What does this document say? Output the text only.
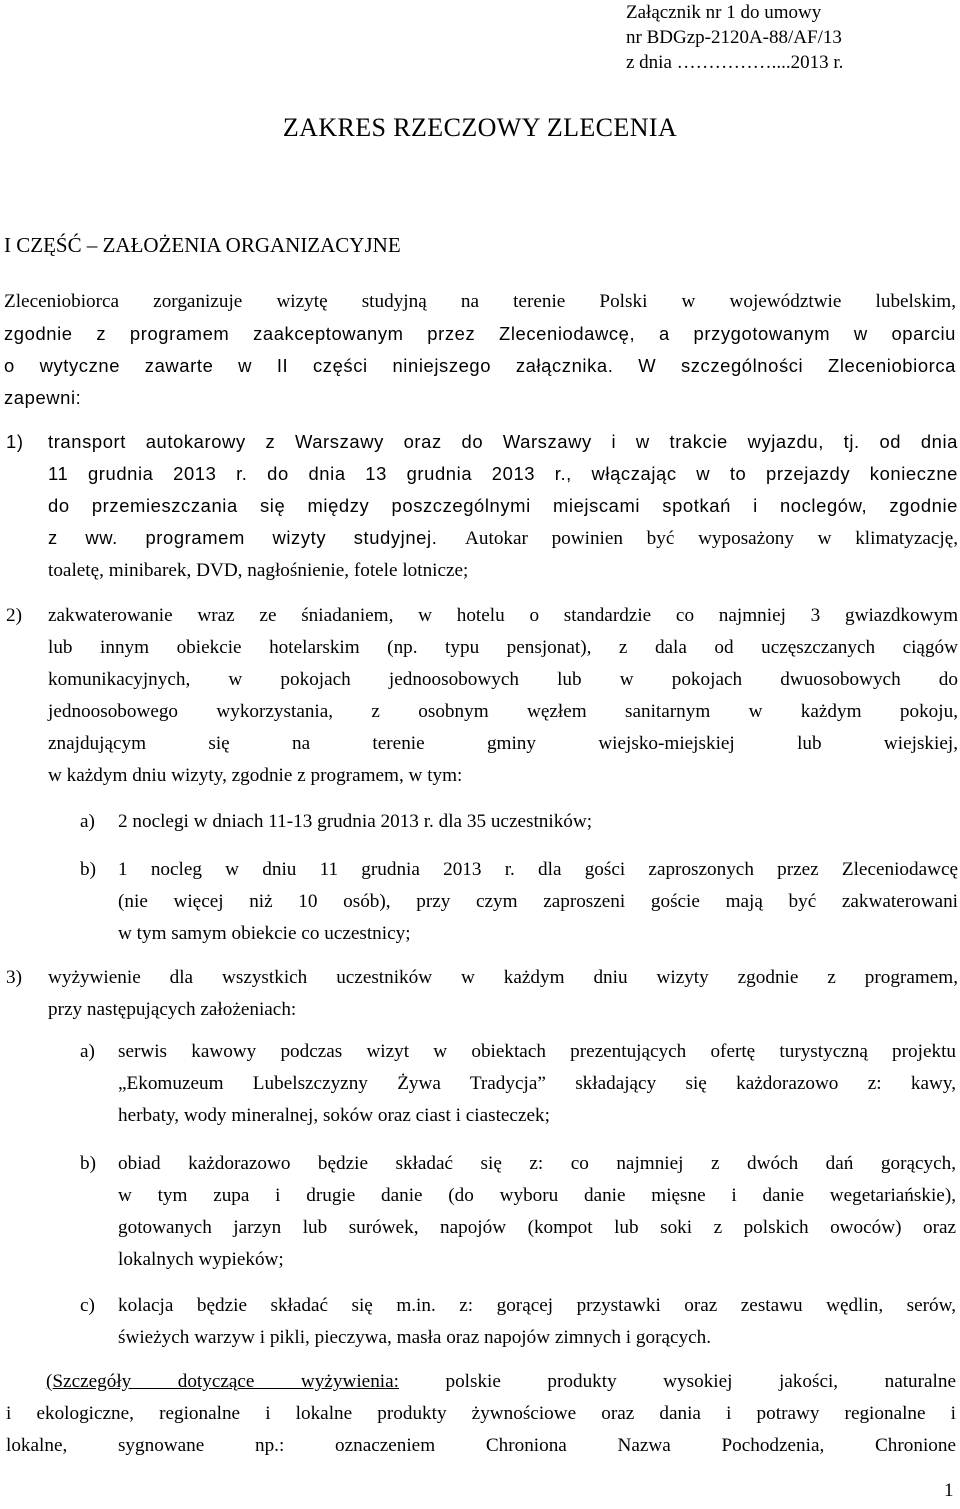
Załącznik nr 1 do umowy
nr BDGzp-2120A-88/AF/13
z dnia ……………....2013 r.
ZAKRES RZECZOWY ZLECENIA
I CZĘŚĆ – ZAŁOŻENIA ORGANIZACYJNE
Zleceniobiorca zorganizuje wizytę studyjną na terenie Polski w województwie lubelskim,
zgodnie z programem zaakceptowanym przez Zleceniodawcę, a przygotowanym w oparciu
o wytyczne zawarte w II części niniejszego załącznika. W szczególności Zleceniobiorca
zapewni:
1) transport autokarowy z Warszawy oraz do Warszawy i w trakcie wyjazdu, tj. od dnia
11 grudnia 2013 r. do dnia 13 grudnia 2013 r., włączając w to przejazdy konieczne
do przemieszczania się między poszczególnymi miejscami spotkań i noclegów, zgodnie
z ww. programem wizyty studyjnej. Autokar powinien być wyposażony w klimatyzację,
toaletę, minibarek, DVD, nagłośnienie, fotele lotnicze;
2) zakwaterowanie wraz ze śniadaniem, w hotelu o standardzie co najmniej 3 gwiazdkowym
lub innym obiekcie hotelarskim (np. typu pensjonat), z dala od uczęszczanych ciągów
komunikacyjnych, w pokojach jednoosobowych lub w pokojach dwuosobowych do
jednoosobowego wykorzystania, z osobnym węzłem sanitarnym w każdym pokoju,
znajdującym się na terenie gminy wiejsko-miejskiej lub wiejskiej,
w każdym dniu wizyty, zgodnie z programem, w tym:
a) 2 noclegi w dniach 11-13 grudnia 2013 r. dla 35 uczestników;
b) 1 nocleg w dniu 11 grudnia 2013 r. dla gości zaproszonych przez Zleceniodawcę
(nie więcej niż 10 osób), przy czym zaproszeni goście mają być zakwaterowani
w tym samym obiekcie co uczestnicy;
3) wyżywienie dla wszystkich uczestników w każdym dniu wizyty zgodnie z programem,
przy następujących założeniach:
a) serwis kawowy podczas wizyt w obiektach prezentujących ofertę turystyczną projektu
„Ekomuzeum Lubelszczyzny Żywa Tradycja” składający się każdorazowo z: kawy,
herbaty, wody mineralnej, soków oraz ciast i ciasteczek;
b) obiad każdorazowo będzie składać się z: co najmniej z dwóch dań gorących,
w tym zupa i drugie danie (do wyboru danie mięsne i danie wegetariańskie),
gotowanych jarzyn lub surówek, napojów (kompot lub soki z polskich owoców) oraz
lokalnych wypieków;
c) kolacja będzie składać się m.in. z: gorącej przystawki oraz zestawu wędlin, serów,
świeżych warzyw i pikli, pieczywa, masła oraz napojów zimnych i gorących.
(Szczegóły dotyczące wyżywienia: polskie produkty wysokiej jakości, naturalne
i ekologiczne, regionalne i lokalne produkty żywnościowe oraz dania i potrawy regionalne i
lokalne, sygnowane np.: oznaczeniem Chroniona Nazwa Pochodzenia, Chronione
1
